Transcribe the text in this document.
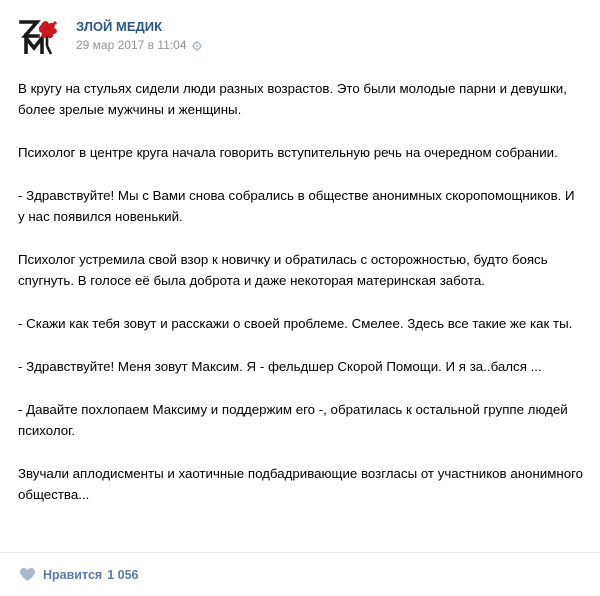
ЗЛОЙ МЕДИК
29 мар 2017 в 11:04

В кругу на стульях сидели люди разных возрастов. Это были молодые парни и девушки, более зрелые мужчины и женщины.

Психолог в центре круга начала говорить вступительную речь на очередном собрании.

- Здравствуйте! Мы с Вами снова собрались в обществе анонимных скоропомощников. И у нас появился новенький.

Психолог устремила свой взор к новичку и обратилась с осторожностью, будто боясь спугнуть. В голосе её была доброта и даже некоторая материнская забота.

- Скажи как тебя зовут и расскажи о своей проблеме. Смелее. Здесь все такие же как ты.

- Здравствуйте! Меня зовут Максим. Я - фельдшер Скорой Помощи. И я за..бался ...

- Давайте похлопаем Максиму и поддержим его -, обратилась к остальной группе людей психолог.

Звучали аплодисменты и хаотичные подбадривающие возгласы от участников анонимного общества...

Нравится 1 056
